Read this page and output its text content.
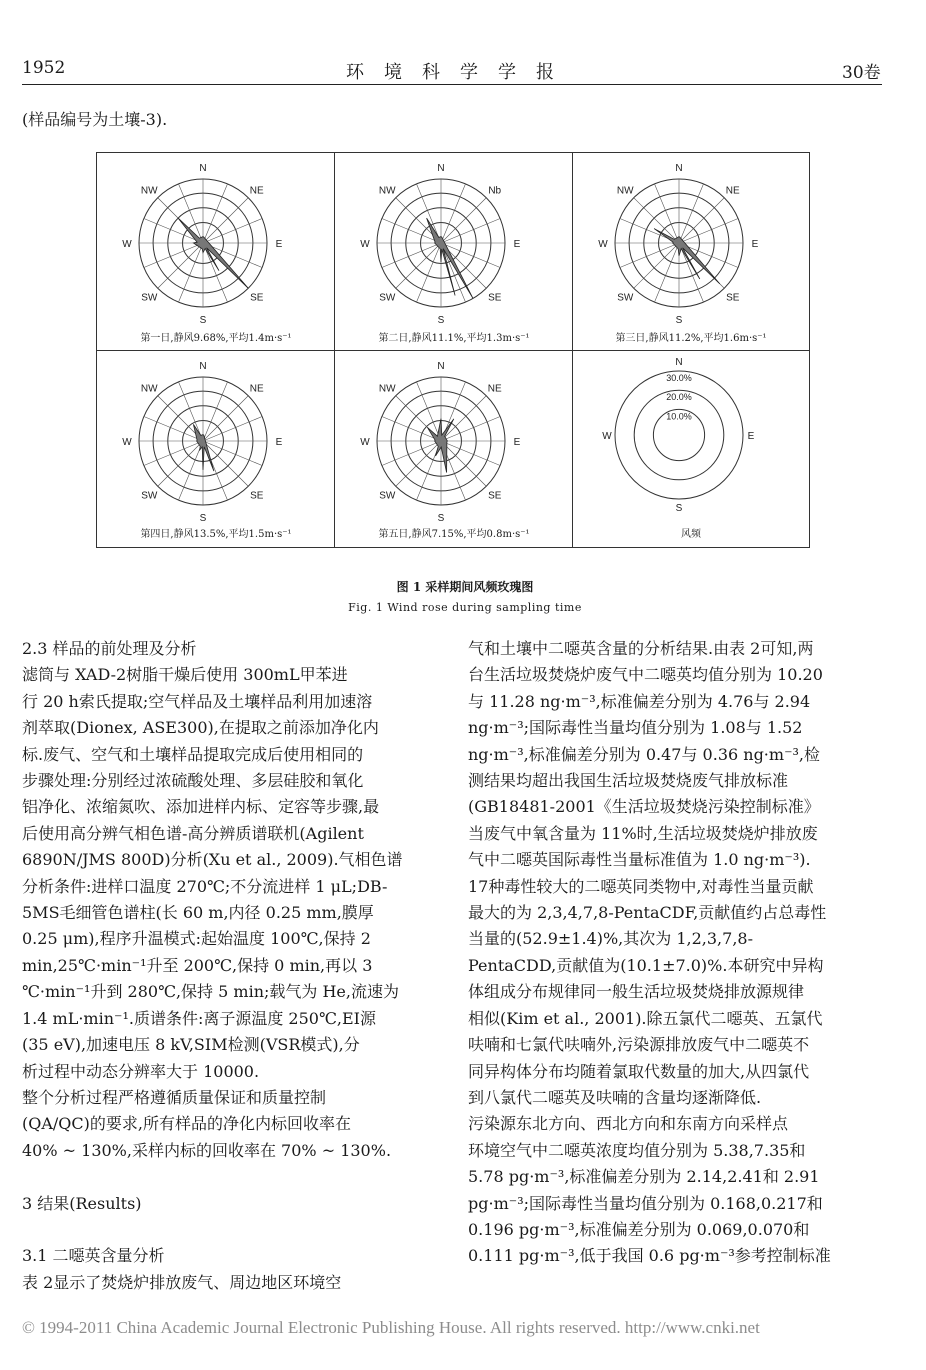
1952	环境科学学报	30卷
(样品编号为土壤-3).
N
NE
E
SE
S
SW
W
NW
第一日,静风9.68%,平均1.4m·s⁻¹
N
Nb
E
SE
S
SW
W
NW
第二日,静风11.1%,平均1.3m·s⁻¹
N
NE
E
SE
S
SW
W
NW
第三日,静风11.2%,平均1.6m·s⁻¹
N
NE
E
SE
S
SW
W
NW
第四日,静风13.5%,平均1.5m·s⁻¹
N
NE
E
SE
S
SW
W
NW
第五日,静风7.15%,平均0.8m·s⁻¹
30.0%
20.0%
10.0%
N
E
S
W
风频
图 1 采样期间风频玫瑰图
Fig. 1 Wind rose during sampling time

2.3 样品的前处理及分析

滤筒与 XAD-2树脂干燥后使用 300mL甲苯进

行 20 h索氏提取;空气样品及土壤样品利用加速溶

剂萃取(Dionex, ASE300),在提取之前添加净化内

标.废气、空气和土壤样品提取完成后使用相同的

步骤处理:分别经过浓硫酸处理、多层硅胶和氧化

铝净化、浓缩氮吹、添加进样内标、定容等步骤,最

后使用高分辨气相色谱-高分辨质谱联机(Agilent

6890N/JMS 800D)分析(Xu et al., 2009).气相色谱

分析条件:进样口温度 270℃;不分流进样 1 μL;DB-

5MS毛细管色谱柱(长 60 m,内径 0.25 mm,膜厚

0.25 μm),程序升温模式:起始温度 100℃,保持 2

min,25℃·min⁻¹升至 200℃,保持 0 min,再以 3

℃·min⁻¹升到 280℃,保持 5 min;载气为 He,流速为

1.4 mL·min⁻¹.质谱条件:离子源温度 250℃,EI源

(35 eV),加速电压 8 kV,SIM检测(VSR模式),分

析过程中动态分辨率大于 10000.

整个分析过程严格遵循质量保证和质量控制

(QA/QC)的要求,所有样品的净化内标回收率在

40% ~ 130%,采样内标的回收率在 70% ~ 130%.

3 结果(Results)

3.1 二噁英含量分析

表 2显示了焚烧炉排放废气、周边地区环境空

气和土壤中二噁英含量的分析结果.由表 2可知,两

台生活垃圾焚烧炉废气中二噁英均值分别为 10.20

与 11.28 ng·m⁻³,标准偏差分别为 4.76与 2.94

ng·m⁻³;国际毒性当量均值分别为 1.08与 1.52

ng·m⁻³,标准偏差分别为 0.47与 0.36 ng·m⁻³,检

测结果均超出我国生活垃圾焚烧废气排放标准

(GB18481-2001《生活垃圾焚烧污染控制标准》

当废气中氧含量为 11%时,生活垃圾焚烧炉排放废

气中二噁英国际毒性当量标准值为 1.0 ng·m⁻³).

17种毒性较大的二噁英同类物中,对毒性当量贡献

最大的为 2,3,4,7,8-PentaCDF,贡献值约占总毒性

当量的(52.9±1.4)%,其次为 1,2,3,7,8-

PentaCDD,贡献值为(10.1±7.0)%.本研究中异构

体组成分布规律同一般生活垃圾焚烧排放源规律

相似(Kim et al., 2001).除五氯代二噁英、五氯代

呋喃和七氯代呋喃外,污染源排放废气中二噁英不

同异构体分布均随着氯取代数量的加大,从四氯代

到八氯代二噁英及呋喃的含量均逐渐降低.

污染源东北方向、西北方向和东南方向采样点

环境空气中二噁英浓度均值分别为 5.38,7.35和

5.78 pg·m⁻³,标准偏差分别为 2.14,2.41和 2.91

pg·m⁻³;国际毒性当量均值分别为 0.168,0.217和

0.196 pg·m⁻³,标准偏差分别为 0.069,0.070和

0.111 pg·m⁻³,低于我国 0.6 pg·m⁻³参考控制标准

© 1994-2011 China Academic Journal Electronic Publishing House. All rights reserved. http://www.cnki.net
